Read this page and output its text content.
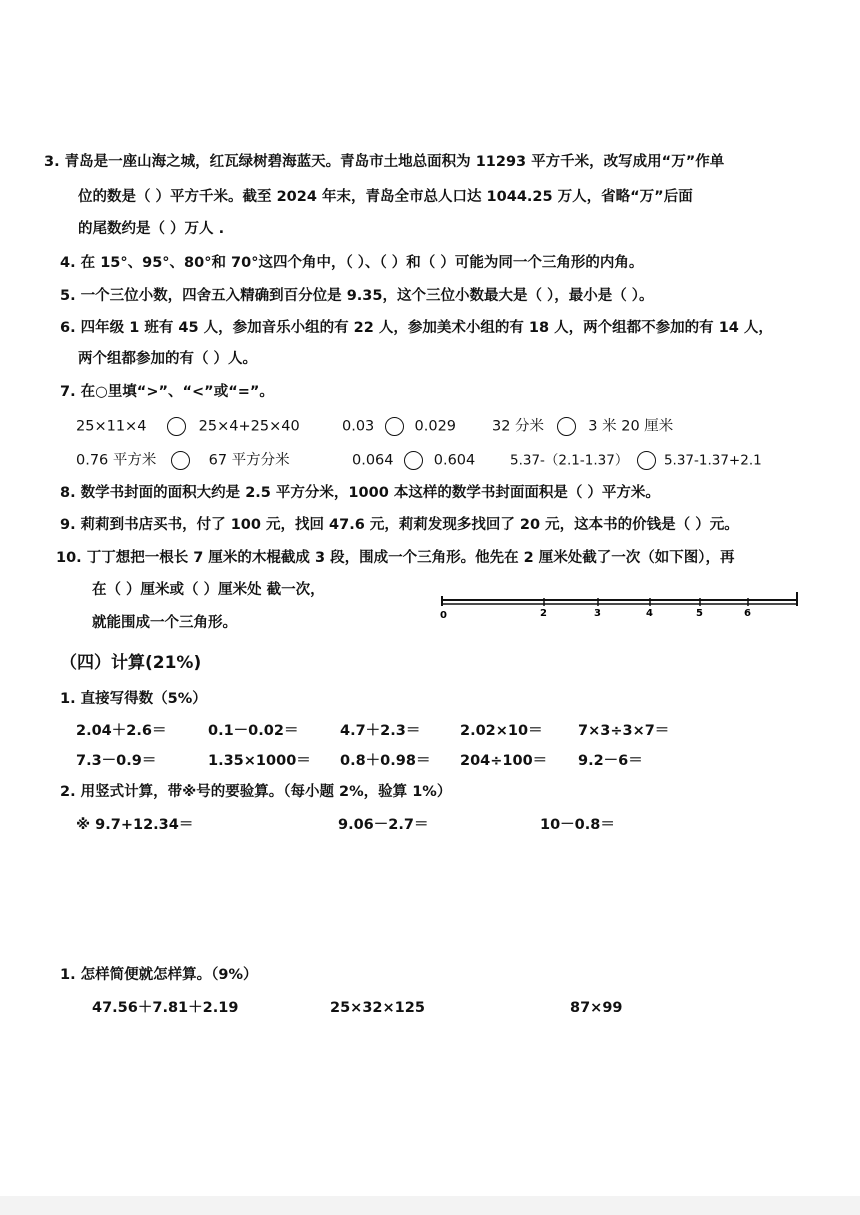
3. 青岛是一座山海之城，红瓦绿树碧海蓝天。青岛市土地总面积为 11293 平方千米，改写成用“万”作单
位的数是（ ）平方千米。截至 2024 年末，青岛全市总人口达 1044.25 万人，省略“万”后面
的尾数约是（ ）万人 .
4. 在 15°、95°、80°和 70°这四个角中，（ ）、（ ）和（ ）可能为同一个三角形的内角。
5. 一个三位小数，四舍五入精确到百分位是 9.35，这个三位小数最大是（ ），最小是（ ）。
6. 四年级 1 班有 45 人，参加音乐小组的有 22 人，参加美术小组的有 18 人，两个组都不参加的有 14 人，
两个组都参加的有（ ）人。
7. 在○里填“>”、“<”或“=”。
25×11×4	25×4+25×40	0.03	0.029 32 分米	3 米 20 厘米
0.76 平方米	67 平方分米	0.064	0.604	5.37-（2.1-1.37）	5.37-1.37+2.1
8. 数学书封面的面积大约是 2.5 平方分米，1000 本这样的数学书封面面积是（ ）平方米。
9. 莉莉到书店买书，付了 100 元，找回 47.6 元，莉莉发现多找回了 20 元，这本书的价钱是（ ）元。
10. 丁丁想把一根长 7 厘米的木棍截成 3 段，围成一个三角形。他先在 2 厘米处截了一次（如下图），再
在（ ）厘米或（ ）厘米处 截一次，
就能围成一个三角形。	0	2	3	4	5	6
（四）计算(21%)
1. 直接写得数（5%）
2.04＋2.6＝	0.1－0.02＝	4.7＋2.3＝	2.02×10＝ 7×3÷3×7＝
7.3－0.9＝	1.35×1000＝ 0.8＋0.98＝ 204÷100＝ 9.2－6＝
2. 用竖式计算，带※号的要验算。（每小题 2%，验算 1%）
※ 9.7+12.34＝	9.06－2.7＝	10－0.8＝
1. 怎样简便就怎样算。（9%）
47.56＋7.81＋2.19	25×32×125	87×99
